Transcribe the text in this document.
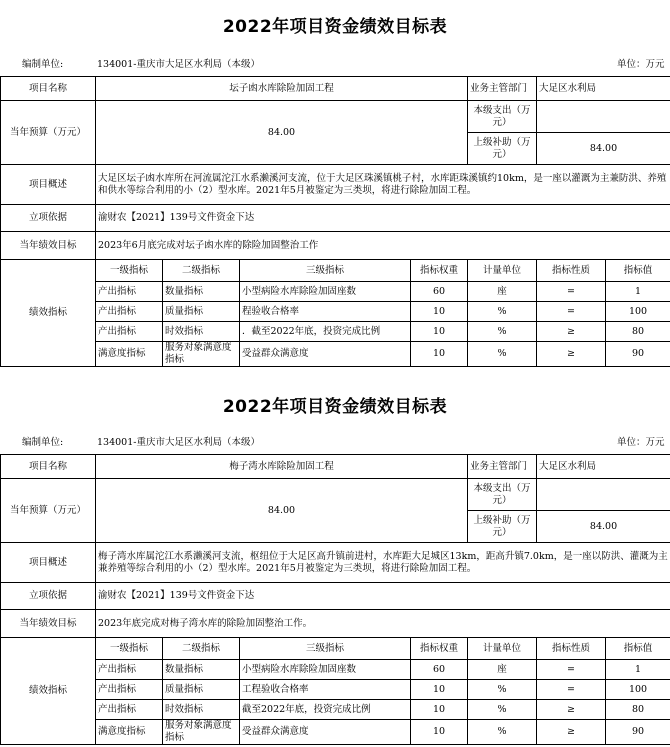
2022年项目资金绩效目标表
编制单位:	134001-重庆市大足区水利局（本级）	单位：万元
2022年项目资金绩效目标表
编制单位:	134001-重庆市大足区水利局（本级）	单位：万元
项目名称	坛子凼水库除险加固工程				业务主管部门	大足区水利局	
当年预算（万元）	84.00				本级支出（万元）		
					上级补助（万元）	84.00	
项目概述	大足区坛子凼水库所在河流属沱江水系濑溪河支流，位于大足区珠溪镇桃子村，水库距珠溪镇约10km，是一座以灌溉为主兼防洪、养殖和供水等综合利用的小（2）型水库。2021年5月被鉴定为三类坝，将进行除险加固工程。						
立项依据	渝财农【2021】139号文件资金下达						
当年绩效目标	2023年6月底完成对坛子凼水库的除险加固整治工作						
绩效指标	一级指标	二级指标	三级指标	指标权重	计量单位	指标性质	指标值
	产出指标	数量指标	小型病险水库除险加固座数	60	座	=	1
	产出指标	质量指标	程验收合格率	10	%	=	100
	产出指标	时效指标	．截至2022年底，投资完成比例	10	%	≥	80
	满意度指标	服务对象满意度指标	受益群众满意度	10	%	≥	90
项目名称	梅子湾水库除险加固工程				业务主管部门	大足区水利局	
当年预算（万元）	84.00				本级支出（万元）		
					上级补助（万元）	84.00	
项目概述	梅子湾水库属沱江水系濑溪河支流，枢纽位于大足区高升镇前进村，水库距大足城区13km，距高升镇7.0km，是一座以防洪、灌溉为主兼养殖等综合利用的小（2）型水库。2021年5月被鉴定为三类坝，将进行除险加固工程。						
立项依据	渝财农【2021】139号文件资金下达						
当年绩效目标	2023年底完成对梅子湾水库的除险加固整治工作。						
绩效指标	一级指标	二级指标	三级指标	指标权重	计量单位	指标性质	指标值
	产出指标	数量指标	小型病险水库除险加固座数	60	座	=	1
	产出指标	质量指标	工程验收合格率	10	%	=	100
	产出指标	时效指标	截至2022年底，投资完成比例	10	%	≥	80
	满意度指标	服务对象满意度指标	受益群众满意度	10	%	≥	90
